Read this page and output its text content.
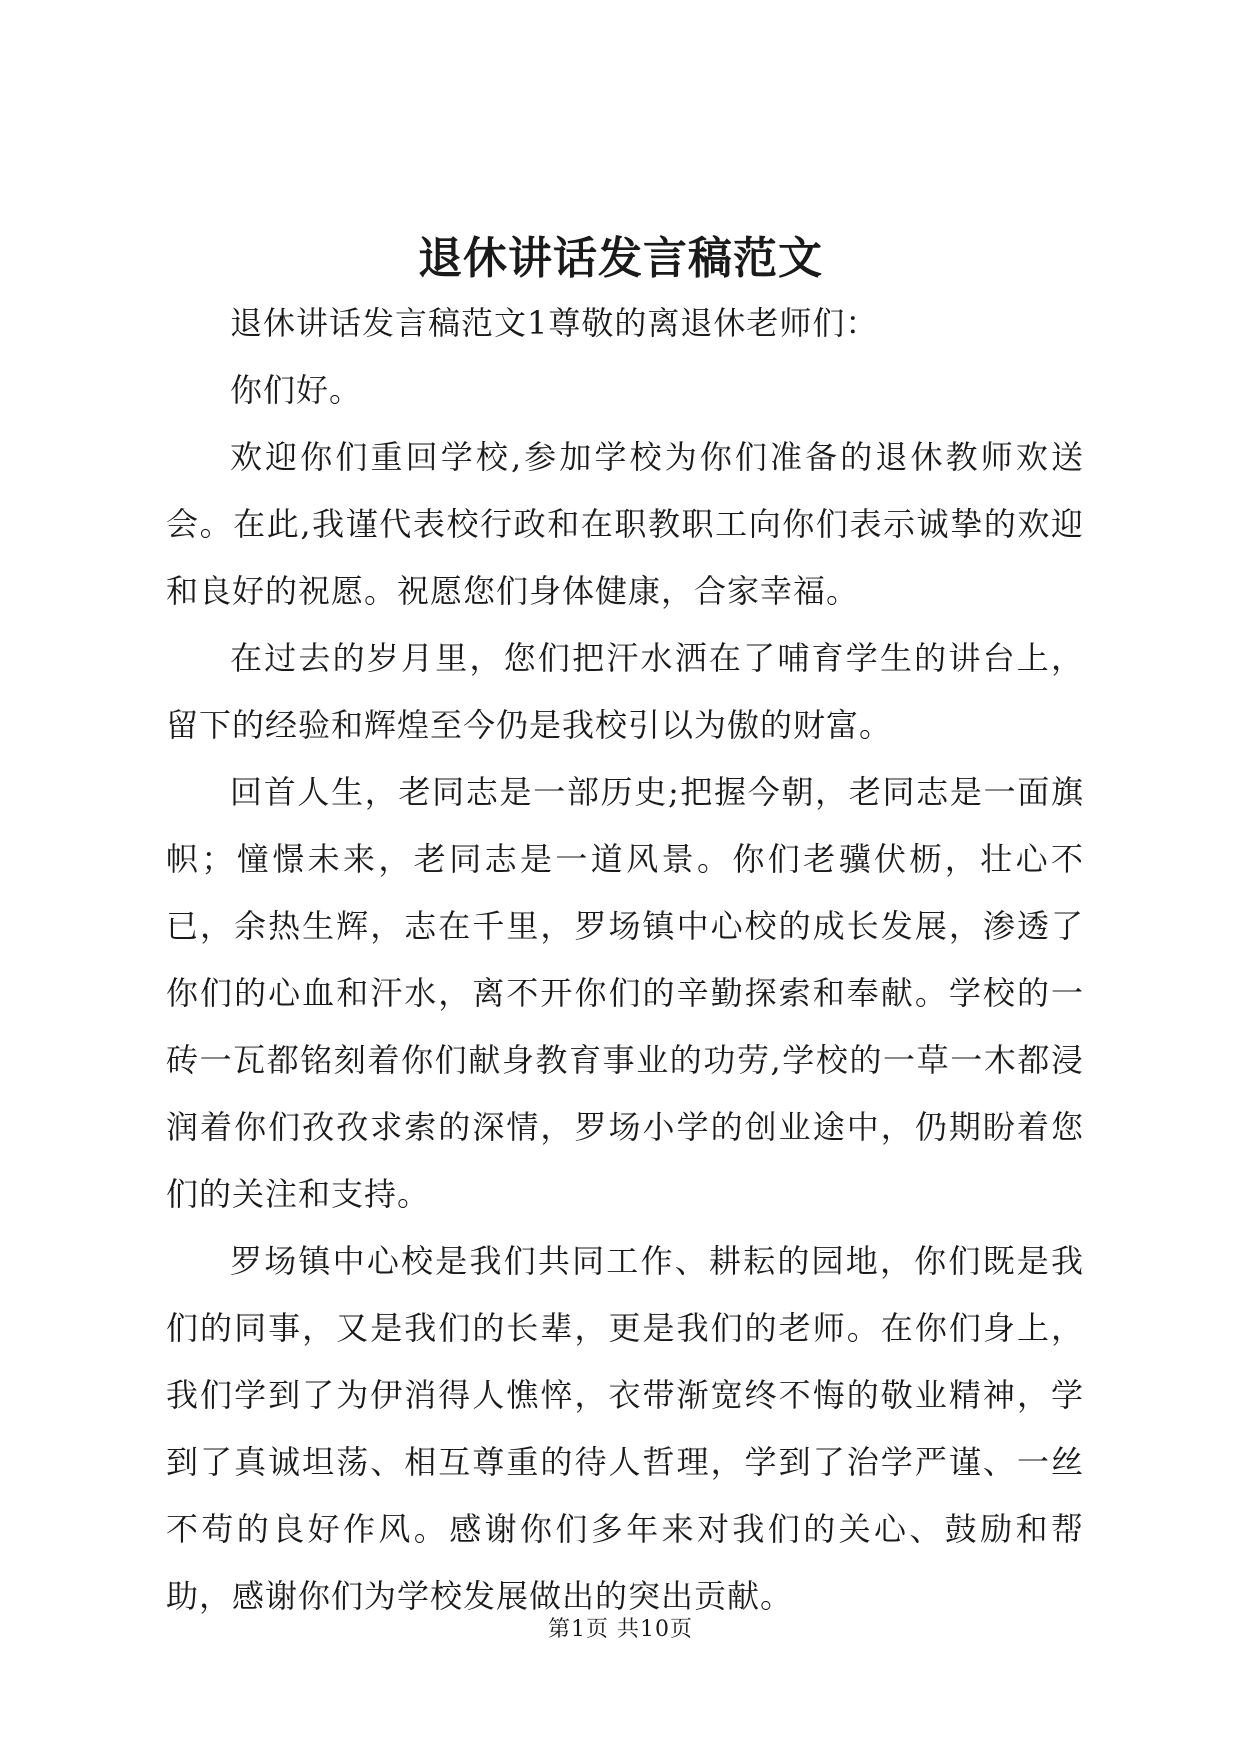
退休讲话发言稿范文

退休讲话发言稿范文1尊敬的离退休老师们：

你们好。

欢迎你们重回学校,参加学校为你们准备的退休教师欢送会。在此,我谨代表校行政和在职教职工向你们表示诚挚的欢迎和良好的祝愿。祝愿您们身体健康，合家幸福。

在过去的岁月里，您们把汗水洒在了哺育学生的讲台上，留下的经验和辉煌至今仍是我校引以为傲的财富。

回首人生，老同志是一部历史;把握今朝，老同志是一面旗帜；憧憬未来，老同志是一道风景。你们老骥伏枥，壮心不已，余热生辉，志在千里，罗场镇中心校的成长发展，渗透了你们的心血和汗水，离不开你们的辛勤探索和奉献。学校的一砖一瓦都铭刻着你们献身教育事业的功劳,学校的一草一木都浸润着你们孜孜求索的深情，罗场小学的创业途中，仍期盼着您们的关注和支持。

罗场镇中心校是我们共同工作、耕耘的园地，你们既是我们的同事，又是我们的长辈，更是我们的老师。在你们身上，我们学到了为伊消得人憔悴，衣带渐宽终不悔的敬业精神，学到了真诚坦荡、相互尊重的待人哲理，学到了治学严谨、一丝不苟的良好作风。感谢你们多年来对我们的关心、鼓励和帮助，感谢你们为学校发展做出的突出贡献。

第1页 共10页
